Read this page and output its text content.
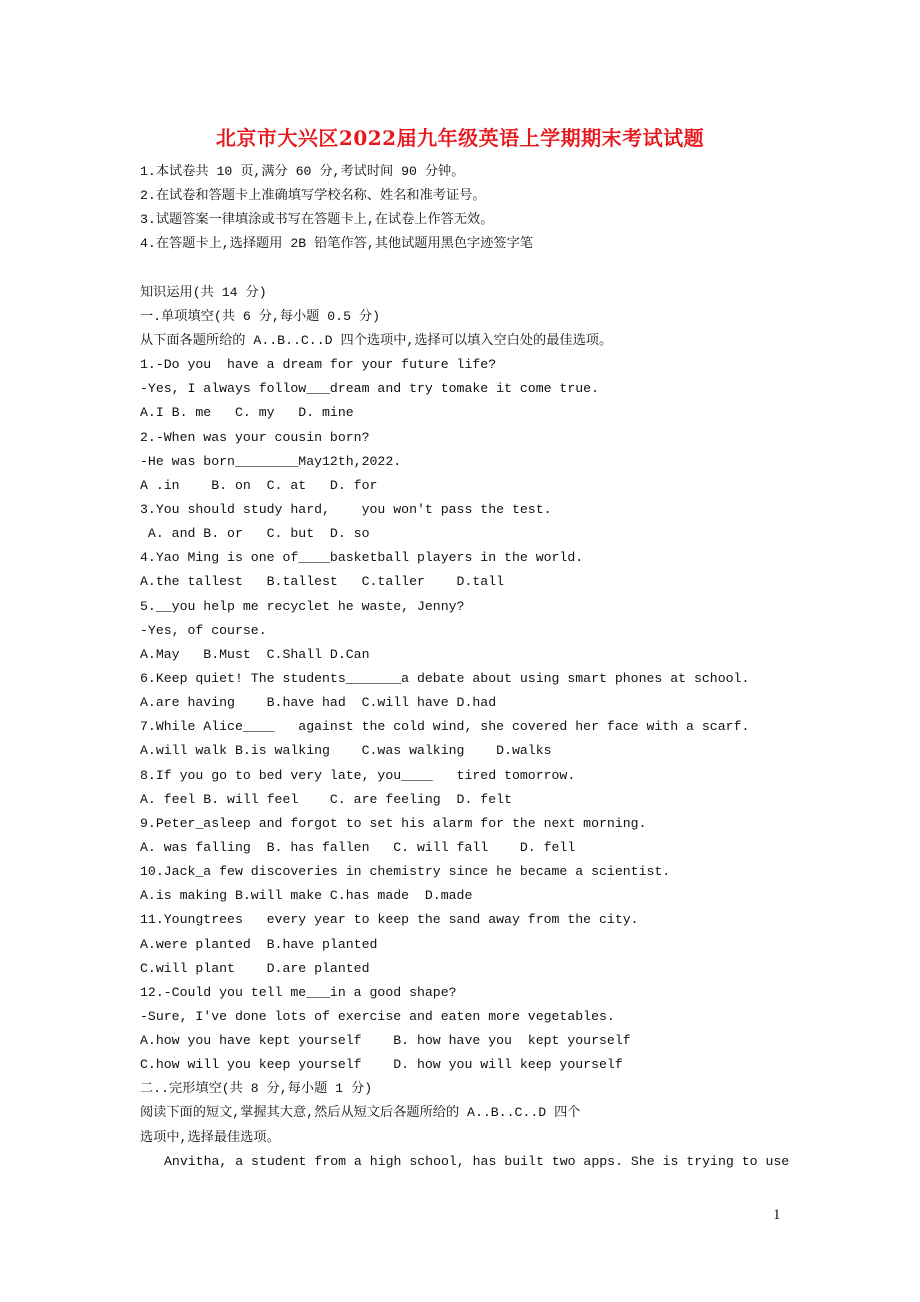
北京市大兴区2022届九年级英语上学期期末考试试题
1.本试卷共 10 页,满分 60 分,考试时间 90 分钟。
2.在试卷和答题卡上准确填写学校名称、姓名和准考证号。
3.试题答案一律填涂或书写在答题卡上,在试卷上作答无效。
4.在答题卡上,选择题用 2B 铅笔作答,其他试题用黑色字迹签字笔
知识运用(共 14 分)
一.单项填空(共 6 分,每小题 0.5 分)
从下面各题所给的 A..B..C..D 四个选项中,选择可以填入空白处的最佳选项。
1.-Do you  have a dream for your future life?
-Yes, I always follow___dream and try tomake it come true.
A.I B. me   C. my   D. mine
2.-When was your cousin born?
-He was born________May12th,2022.
A .in    B. on  C. at   D. for
3.You should study hard,    you won't pass the test.
A. and B. or   C. but  D. so
4.Yao Ming is one of____basketball players in the world.
A.the tallest   B.tallest   C.taller    D.tall
5.__you help me recyclet he waste, Jenny?
-Yes, of course.
A.May   B.Must  C.Shall D.Can
6.Keep quiet! The students_______a debate about using smart phones at school.
A.are having    B.have had  C.will have D.had
7.While Alice____   against the cold wind, she covered her face with a scarf.
A.will walk B.is walking    C.was walking    D.walks
8.If you go to bed very late, you____   tired tomorrow.
A. feel B. will feel    C. are feeling  D. felt
9.Peter_asleep and forgot to set his alarm for the next morning.
A. was falling  B. has fallen   C. will fall    D. fell
10.Jack_a few discoveries in chemistry since he became a scientist.
A.is making B.will make C.has made  D.made
11.Youngtrees   every year to keep the sand away from the city.
A.were planted  B.have planted
C.will plant    D.are planted
12.-Could you tell me___in a good shape?
-Sure, I've done lots of exercise and eaten more vegetables.
A.how you have kept yourself    B. how have you  kept yourself
C.how will you keep yourself    D. how you will keep yourself
二..完形填空(共 8 分,每小题 1 分)
阅读下面的短文,掌握其大意,然后从短文后各题所给的 A..B..C..D 四个
选项中,选择最佳选项。
Anvitha, a student from a high school, has built two apps. She is trying to use
1
